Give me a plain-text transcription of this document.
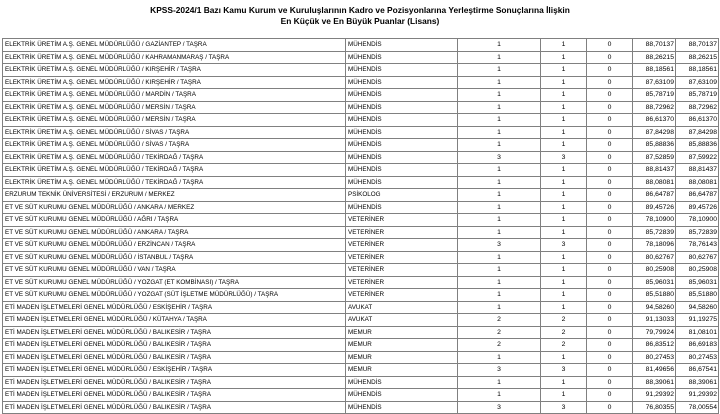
KPSS-2024/1 Bazı Kamu Kurum ve Kuruluşlarının Kadro ve Pozisyonlarına Yerleştirme Sonuçlarına İlişkin
En Küçük ve En Büyük Puanlar (Lisans)
ELEKTRİK ÜRETİM A.Ş. GENEL MÜDÜRLÜĞÜ / GAZİANTEP / TAŞRA	MÜHENDİS	1	1	0	88,70137	88,70137
ELEKTRİK ÜRETİM A.Ş. GENEL MÜDÜRLÜĞÜ / KAHRAMANMARAŞ / TAŞRA	MÜHENDİS	1	1	0	88,26215	88,26215
ELEKTRİK ÜRETİM A.Ş. GENEL MÜDÜRLÜĞÜ / KIRŞEHİR / TAŞRA	MÜHENDİS	1	1	0	88,18561	88,18561
ELEKTRİK ÜRETİM A.Ş. GENEL MÜDÜRLÜĞÜ / KIRŞEHİR / TAŞRA	MÜHENDİS	1	1	0	87,63109	87,63109
ELEKTRİK ÜRETİM A.Ş. GENEL MÜDÜRLÜĞÜ / MARDİN / TAŞRA	MÜHENDİS	1	1	0	85,78719	85,78719
ELEKTRİK ÜRETİM A.Ş. GENEL MÜDÜRLÜĞÜ / MERSİN / TAŞRA	MÜHENDİS	1	1	0	88,72962	88,72962
ELEKTRİK ÜRETİM A.Ş. GENEL MÜDÜRLÜĞÜ / MERSİN / TAŞRA	MÜHENDİS	1	1	0	86,61370	86,61370
ELEKTRİK ÜRETİM A.Ş. GENEL MÜDÜRLÜĞÜ / SİVAS / TAŞRA	MÜHENDİS	1	1	0	87,84298	87,84298
ELEKTRİK ÜRETİM A.Ş. GENEL MÜDÜRLÜĞÜ / SİVAS / TAŞRA	MÜHENDİS	1	1	0	85,88836	85,88836
ELEKTRİK ÜRETİM A.Ş. GENEL MÜDÜRLÜĞÜ / TEKİRDAĞ / TAŞRA	MÜHENDİS	3	3	0	87,52859	87,59922
ELEKTRİK ÜRETİM A.Ş. GENEL MÜDÜRLÜĞÜ / TEKİRDAĞ / TAŞRA	MÜHENDİS	1	1	0	88,81437	88,81437
ELEKTRİK ÜRETİM A.Ş. GENEL MÜDÜRLÜĞÜ / TEKİRDAĞ / TAŞRA	MÜHENDİS	1	1	0	88,08081	88,08081
ERZURUM TEKNİK ÜNİVERSİTESİ / ERZURUM / MERKEZ	PSİKOLOG	1	1	0	86,64787	86,64787
ET VE SÜT KURUMU GENEL MÜDÜRLÜĞÜ / ANKARA / MERKEZ	MÜHENDİS	1	1	0	89,45726	89,45726
ET VE SÜT KURUMU GENEL MÜDÜRLÜĞÜ / AĞRI / TAŞRA	VETERİNER	1	1	0	78,10900	78,10900
ET VE SÜT KURUMU GENEL MÜDÜRLÜĞÜ / ANKARA / TAŞRA	VETERİNER	1	1	0	85,72839	85,72839
ET VE SÜT KURUMU GENEL MÜDÜRLÜĞÜ / ERZİNCAN / TAŞRA	VETERİNER	3	3	0	78,18096	78,76143
ET VE SÜT KURUMU GENEL MÜDÜRLÜĞÜ / İSTANBUL / TAŞRA	VETERİNER	1	1	0	80,62767	80,62767
ET VE SÜT KURUMU GENEL MÜDÜRLÜĞÜ / VAN / TAŞRA	VETERİNER	1	1	0	80,25908	80,25908
ET VE SÜT KURUMU GENEL MÜDÜRLÜĞÜ / YOZGAT (ET KOMBİNASI) / TAŞRA	VETERİNER	1	1	0	85,96031	85,96031
ET VE SÜT KURUMU GENEL MÜDÜRLÜĞÜ / YOZGAT (SÜT İŞLETME MÜDÜRLÜĞÜ) / TAŞRA	VETERİNER	1	1	0	85,51880	85,51880
ETİ MADEN İŞLETMELERİ GENEL MÜDÜRLÜĞÜ / ESKİŞEHİR / TAŞRA	AVUKAT	1	1	0	94,58260	94,58260
ETİ MADEN İŞLETMELERİ GENEL MÜDÜRLÜĞÜ / KÜTAHYA / TAŞRA	AVUKAT	2	2	0	91,13033	91,19275
ETİ MADEN İŞLETMELERİ GENEL MÜDÜRLÜĞÜ / BALIKESİR / TAŞRA	MEMUR	2	2	0	79,79924	81,08101
ETİ MADEN İŞLETMELERİ GENEL MÜDÜRLÜĞÜ / BALIKESİR / TAŞRA	MEMUR	2	2	0	86,83512	86,69183
ETİ MADEN İŞLETMELERİ GENEL MÜDÜRLÜĞÜ / BALIKESİR / TAŞRA	MEMUR	1	1	0	80,27453	80,27453
ETİ MADEN İŞLETMELERİ GENEL MÜDÜRLÜĞÜ / ESKİŞEHİR / TAŞRA	MEMUR	3	3	0	81,49656	86,67541
ETİ MADEN İŞLETMELERİ GENEL MÜDÜRLÜĞÜ / BALIKESİR / TAŞRA	MÜHENDİS	1	1	0	88,39061	88,39061
ETİ MADEN İŞLETMELERİ GENEL MÜDÜRLÜĞÜ / BALIKESİR / TAŞRA	MÜHENDİS	1	1	0	91,29392	91,29392
ETİ MADEN İŞLETMELERİ GENEL MÜDÜRLÜĞÜ / BALIKESİR / TAŞRA	MÜHENDİS	3	3	0	76,80355	78,00554
